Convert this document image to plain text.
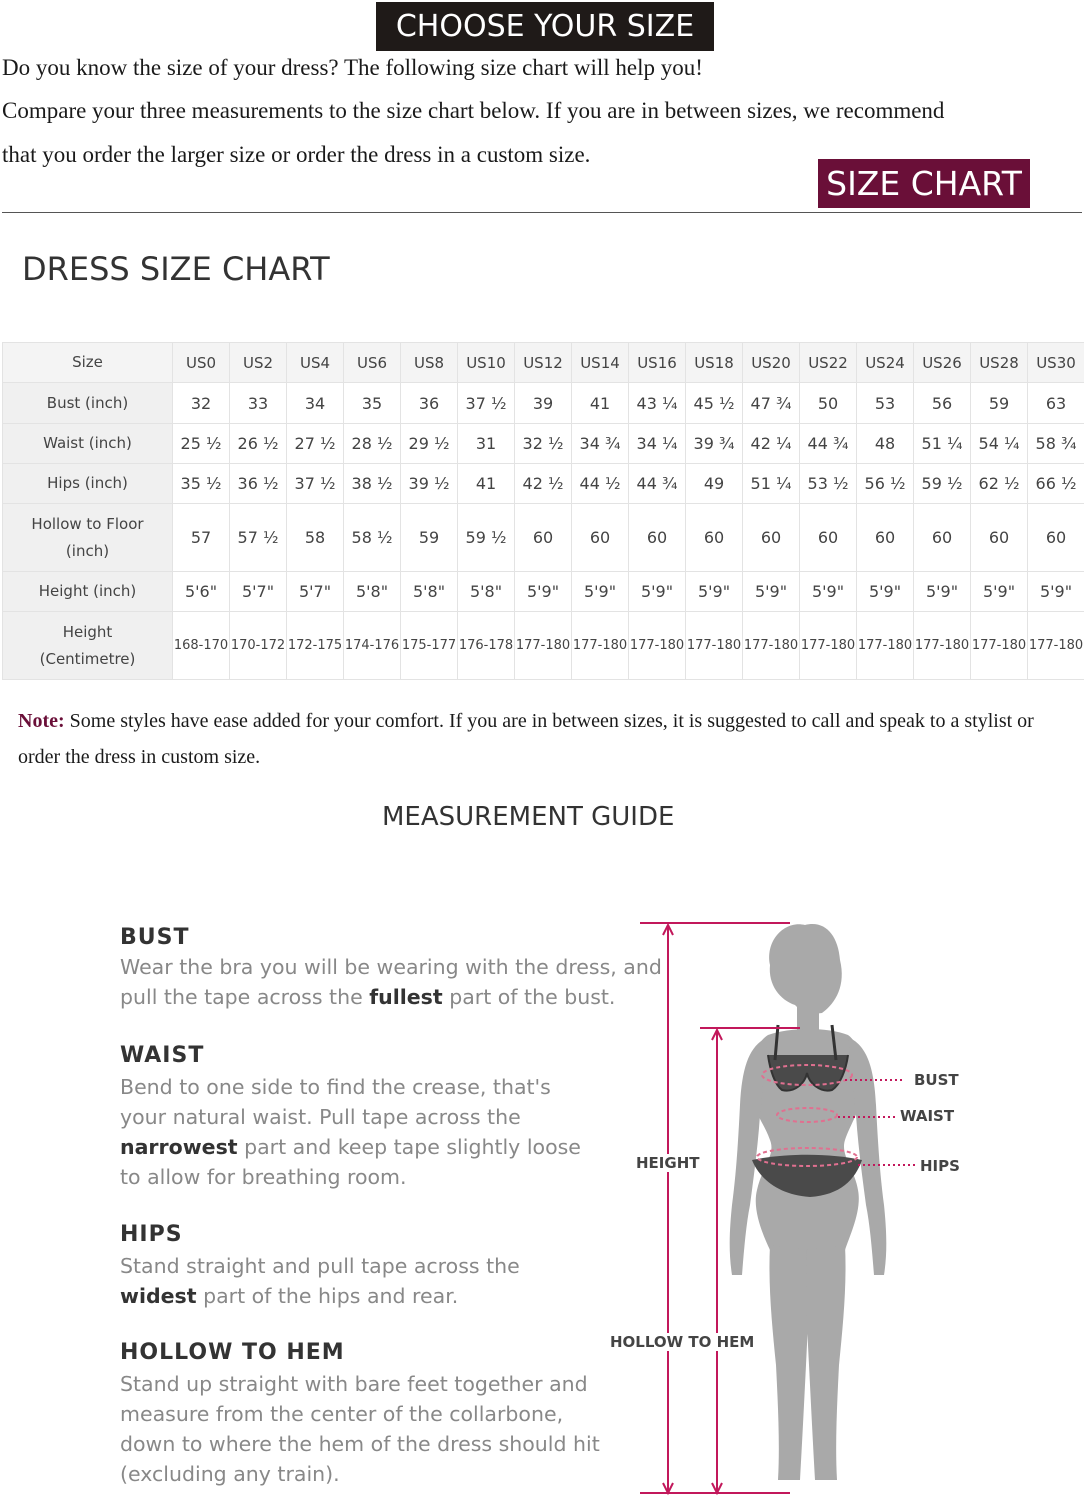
CHOOSE YOUR SIZE
Do you know the size of your dress? The following size chart will help you!
Compare your three measurements to the size chart below. If you are in between sizes, we recommend
that you order the larger size or order the dress in a custom size.
SIZE CHART
DRESS SIZE CHART
Size	US0	US2	US4	US6	US8	US10	US12	US14	US16	US18	US20	US22	US24	US26	US28	US30

Bust (inch)	32	33	34	35	36	37 ½	39	41	43 ¼	45 ½	47 ¾	50	53	56	59	63

Waist (inch)	25 ½	26 ½	27 ½	28 ½	29 ½	31	32 ½	34 ¾	34 ¼	39 ¾	42 ¼	44 ¾	48	51 ¼	54 ¼	58 ¾

Hips (inch)	35 ½	36 ½	37 ½	38 ½	39 ½	41	42 ½	44 ½	44 ¾	49	51 ¼	53 ½	56 ½	59 ½	62 ½	66 ½

Hollow to Floor
(inch)	57	57 ½	58	58 ½	59	59 ½	60	60	60	60	60	60	60	60	60	60

Height (inch)	5'6"	5'7"	5'7"	5'8"	5'8"	5'8"	5'9"	5'9"	5'9"	5'9"	5'9"	5'9"	5'9"	5'9"	5'9"	5'9"

Height
(Centimetre)	168-170	170-172	172-175	174-176	175-177	176-178	177-180	177-180	177-180	177-180	177-180	177-180	177-180	177-180	177-180	177-180
Note: Some styles have ease added for your comfort. If you are in between sizes, it is suggested to call and speak to a stylist or order the dress in custom size.
MEASUREMENT GUIDE
BUST
Wear the bra you will be wearing with the dress, and
pull the tape across the fullest part of the bust.
WAIST
Bend to one side to find the crease, that's
your natural waist. Pull tape across the
narrowest part and keep tape slightly loose
to allow for breathing room.
HIPS
Stand straight and pull tape across the
widest part of the hips and rear.
HOLLOW TO HEM
Stand up straight with bare feet together and
measure from the center of the collarbone,
down to where the hem of the dress should hit
(excluding any train).
HEIGHT
HOLLOW TO HEM
BUST
WAIST
HIPS
